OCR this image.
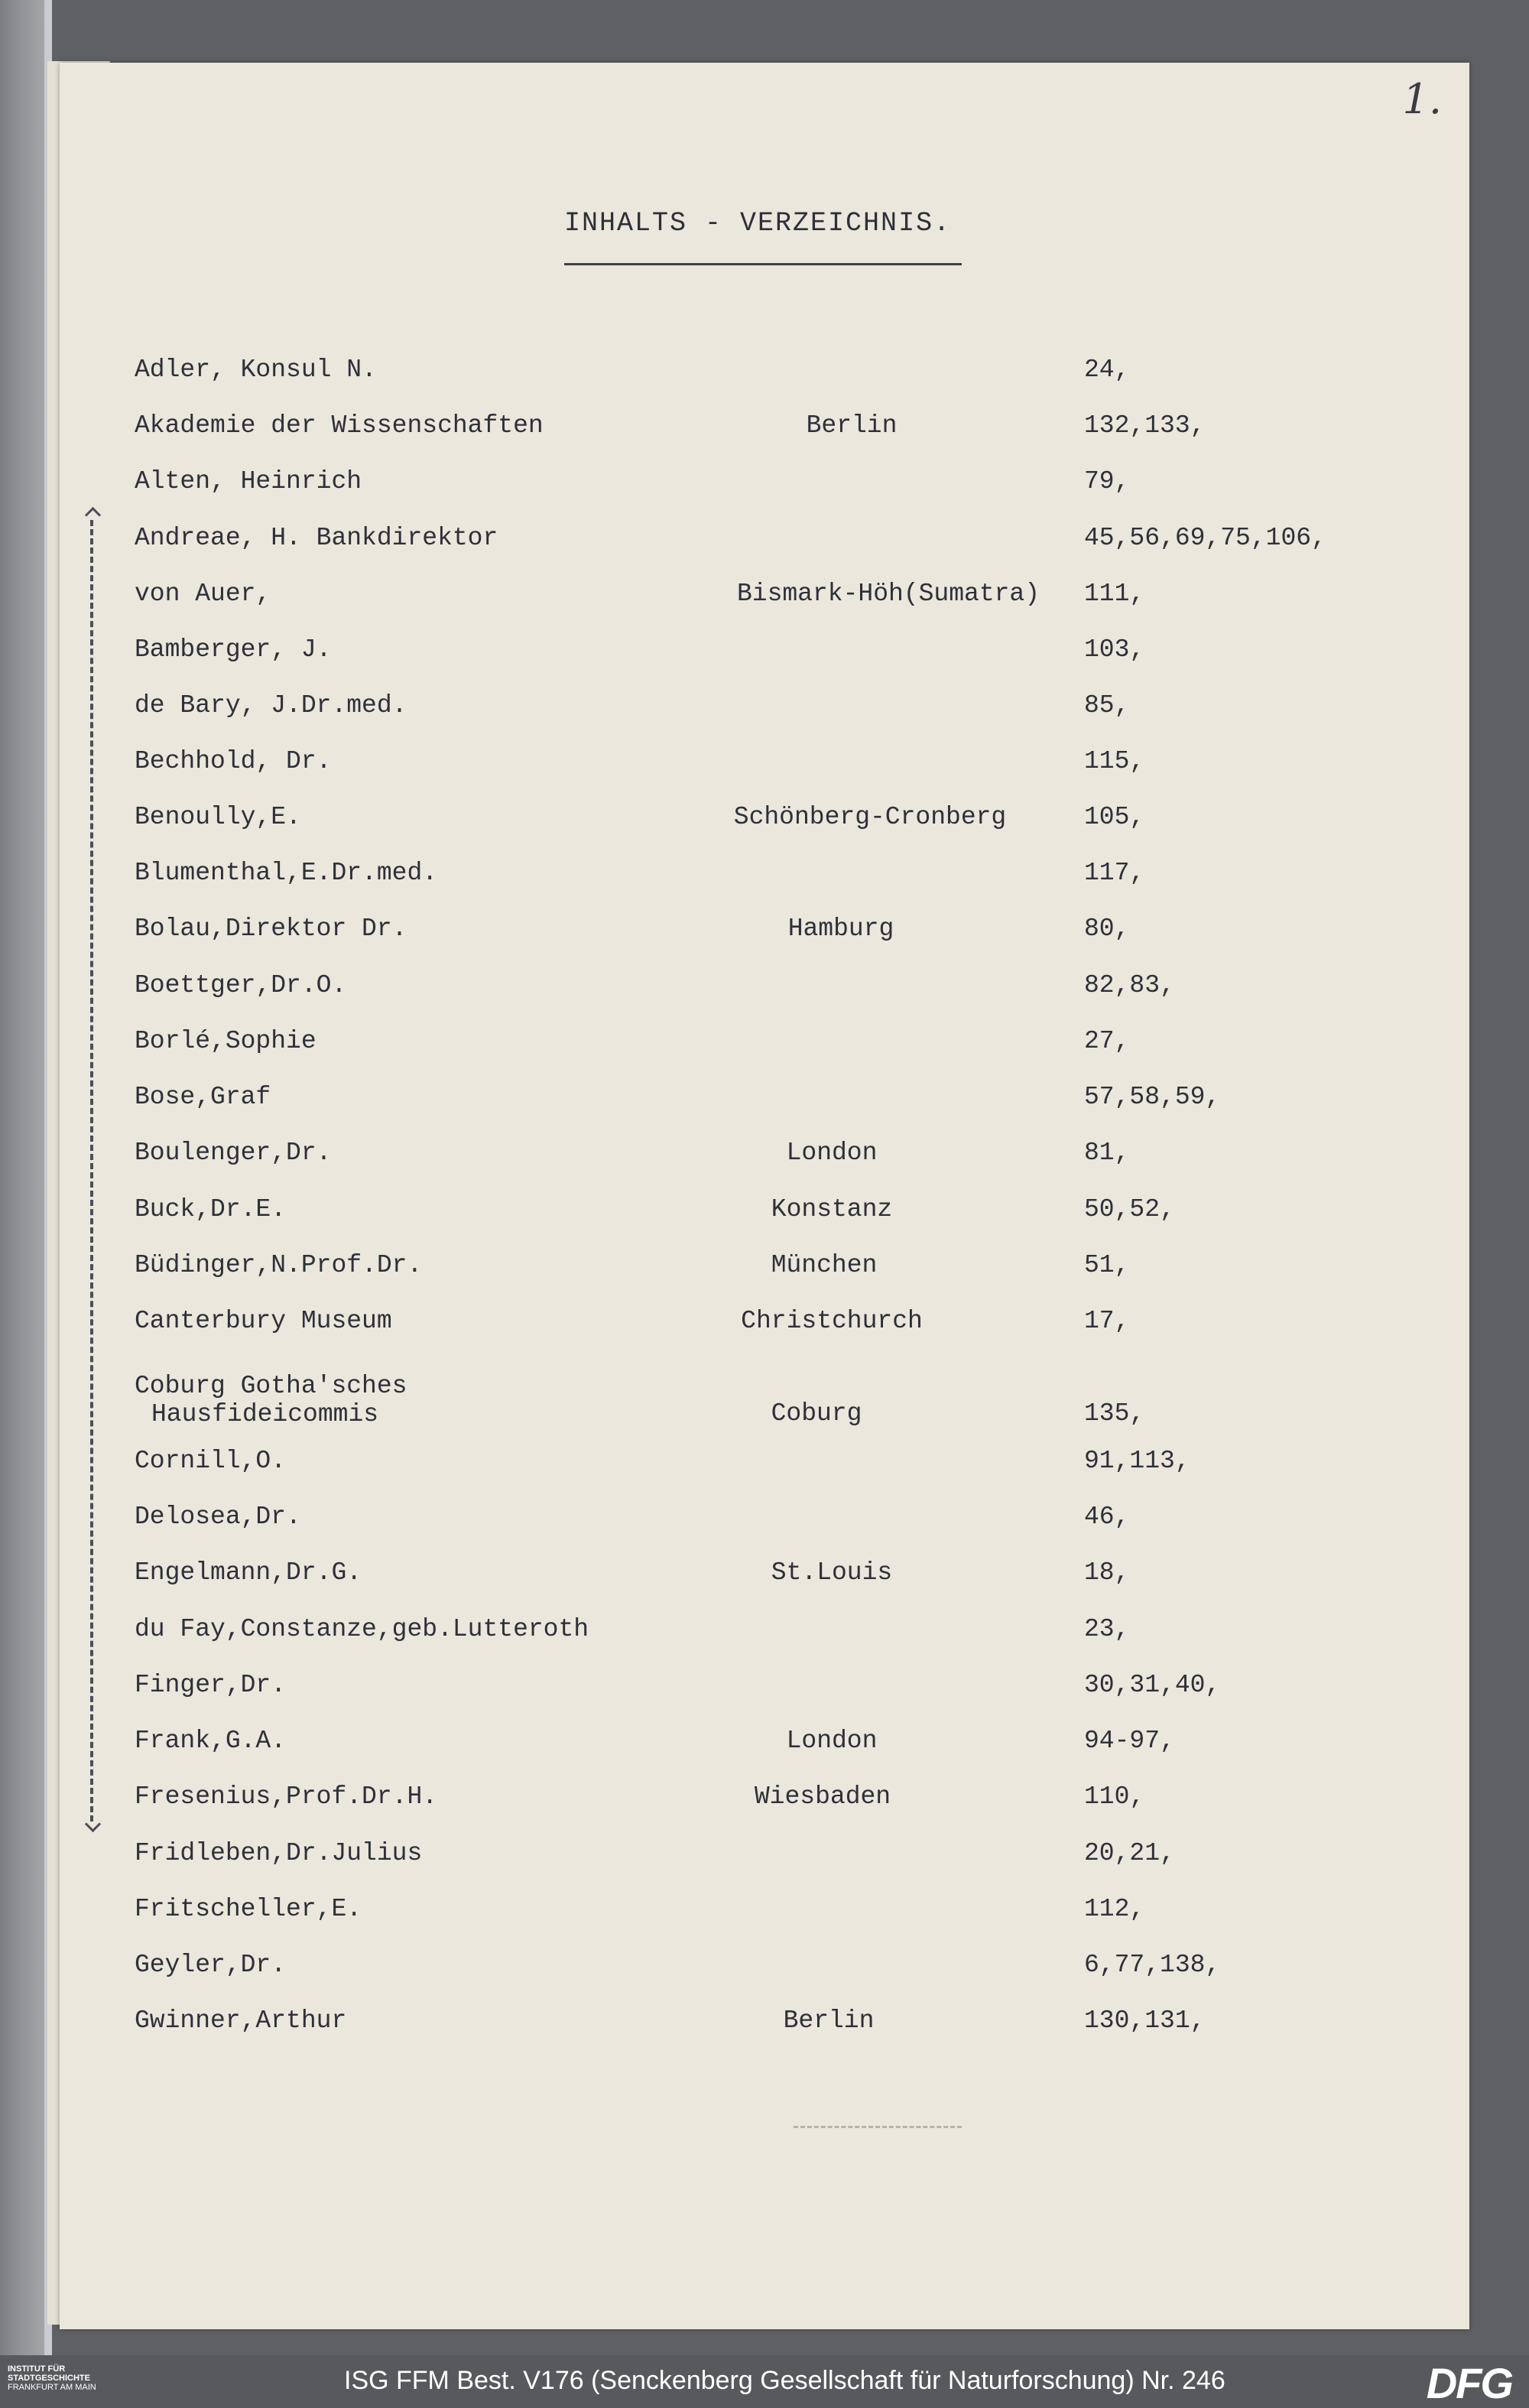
1.
INHALTS - VERZEICHNIS.
Adler, Konsul N.	24,
Akademie der Wissenschaften	Berlin	132,133,
Alten, Heinrich	79,
Andreae, H. Bankdirektor	45,56,69,75,106,
von Auer,	Bismark-Höh(Sumatra) 111,
Bamberger, J.	103,
de Bary, J.Dr.med.	85,
Bechhold, Dr.	115,
Benoully,E.	Schönberg-Cronberg	105,
Blumenthal,E.Dr.med.	117,
Bolau,Direktor Dr.	Hamburg	80,
Boettger,Dr.O.	82,83,
Borlé,Sophie	27,
Bose,Graf	57,58,59,
Boulenger,Dr.	London	81,
Buck,Dr.E.	Konstanz	50,52,
Büdinger,N.Prof.Dr.	München	51,
Canterbury Museum	Christchurch	17,
Coburg Gotha'sches
Hausfideicommis	Coburg	135,
Cornill,O.	91,113,
Delosea,Dr.	46,
Engelmann,Dr.G.	St.Louis	18,
du Fay,Constanze,geb.Lutteroth	23,
Finger,Dr.	30,31,40,
Frank,G.A.	London	94-97,
Fresenius,Prof.Dr.H.	Wiesbaden	110,
Fridleben,Dr.Julius	20,21,
Fritscheller,E.	112,
Geyler,Dr.	6,77,138,
Gwinner,Arthur	Berlin	130,131,
INSTITUT FÜR
STADTGESCHICHTE
FRANKFURT AM MAIN	ISG FFM Best. V176 (Senckenberg Gesellschaft für Naturforschung) Nr. 246	DFG
